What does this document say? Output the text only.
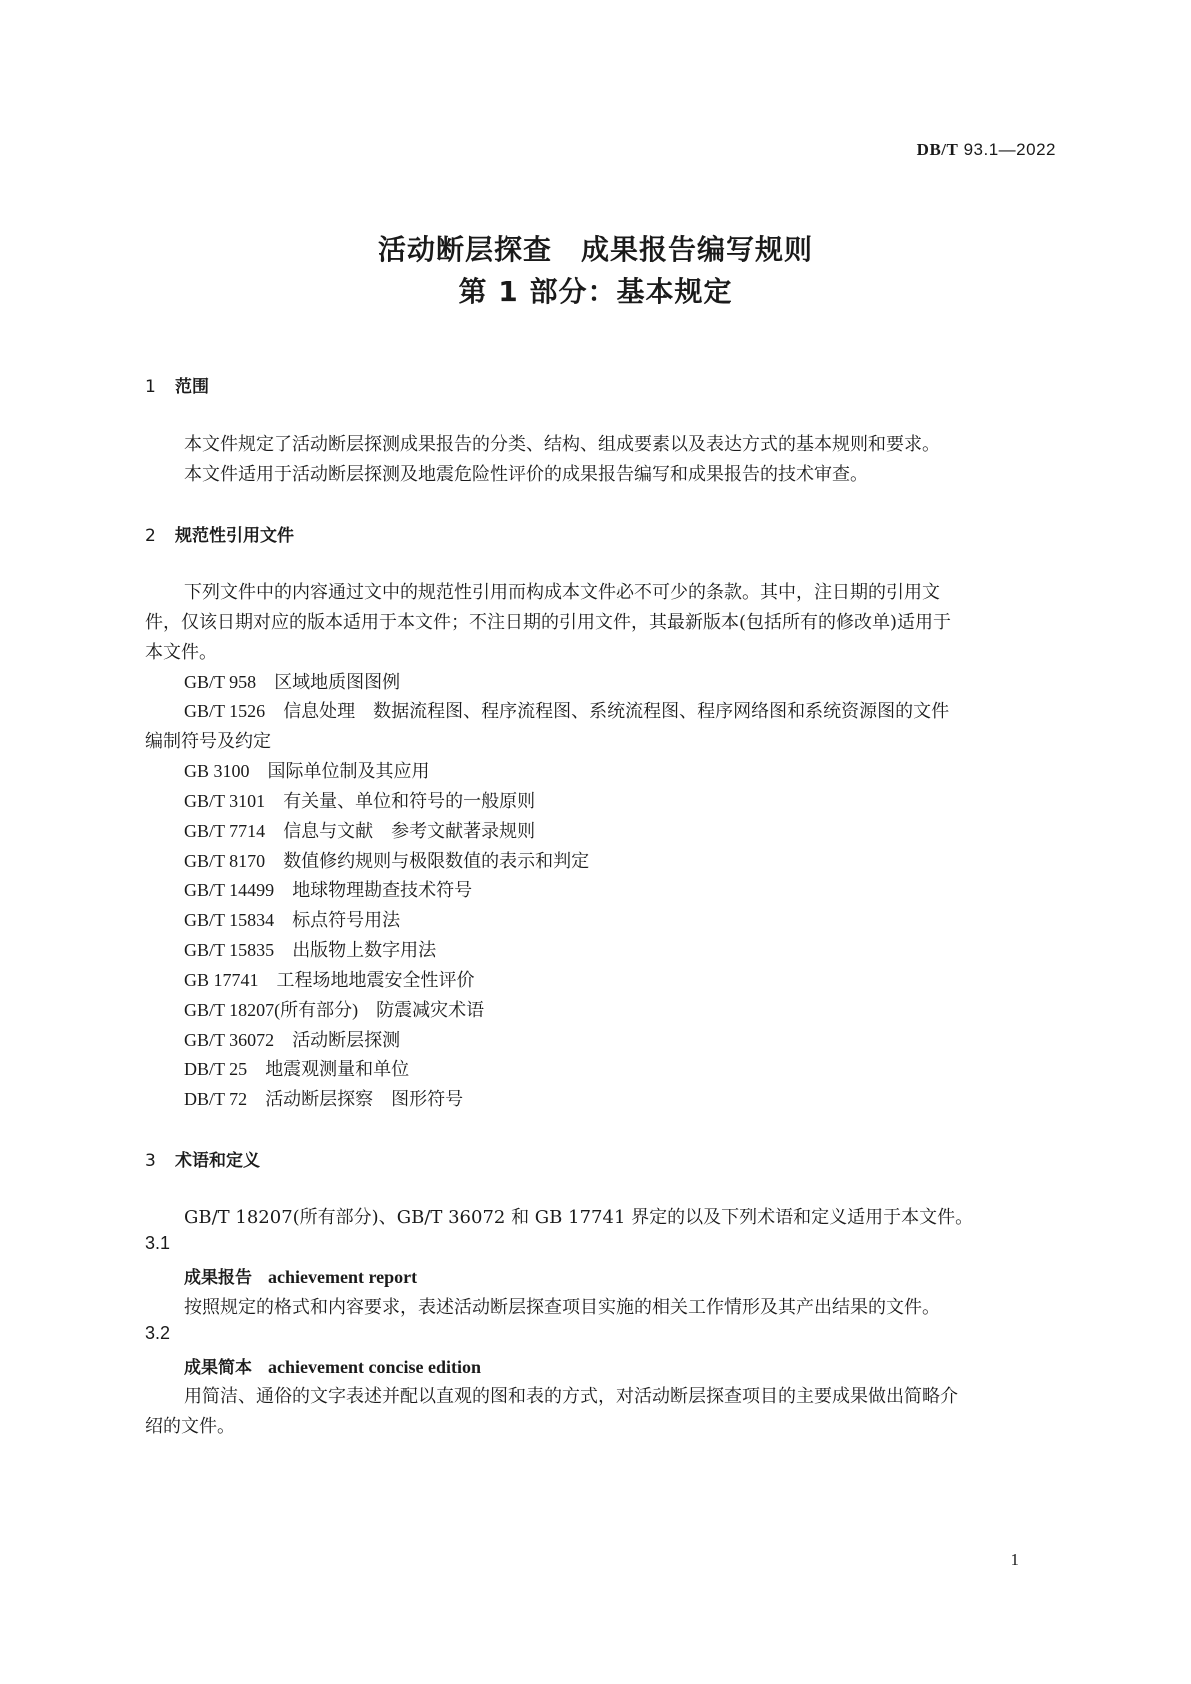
DB/T 93.1—2022
活动断层探查　成果报告编写规则
第 1 部分：基本规定
1 范围
本文件规定了活动断层探测成果报告的分类、结构、组成要素以及表达方式的基本规则和要求。
本文件适用于活动断层探测及地震危险性评价的成果报告编写和成果报告的技术审查。
2 规范性引用文件
下列文件中的内容通过文中的规范性引用而构成本文件必不可少的条款。其中，注日期的引用文
件，仅该日期对应的版本适用于本文件；不注日期的引用文件，其最新版本(包括所有的修改单)适用于
本文件。
GB/T 958 区域地质图图例
GB/T 1526 信息处理　数据流程图、程序流程图、系统流程图、程序网络图和系统资源图的文件
编制符号及约定
GB 3100 国际单位制及其应用
GB/T 3101 有关量、单位和符号的一般原则
GB/T 7714 信息与文献　参考文献著录规则
GB/T 8170 数值修约规则与极限数值的表示和判定
GB/T 14499 地球物理勘查技术符号
GB/T 15834 标点符号用法
GB/T 15835 出版物上数字用法
GB 17741 工程场地地震安全性评价
GB/T 18207(所有部分) 防震减灾术语
GB/T 36072 活动断层探测
DB/T 25 地震观测量和单位
DB/T 72 活动断层探察　图形符号
3 术语和定义
GB/T 18207(所有部分)、GB/T 36072 和 GB 17741 界定的以及下列术语和定义适用于本文件。
3.1
成果报告 achievement report
按照规定的格式和内容要求，表述活动断层探查项目实施的相关工作情形及其产出结果的文件。
3.2
成果简本 achievement concise edition
用简洁、通俗的文字表述并配以直观的图和表的方式，对活动断层探查项目的主要成果做出简略介
绍的文件。
1
